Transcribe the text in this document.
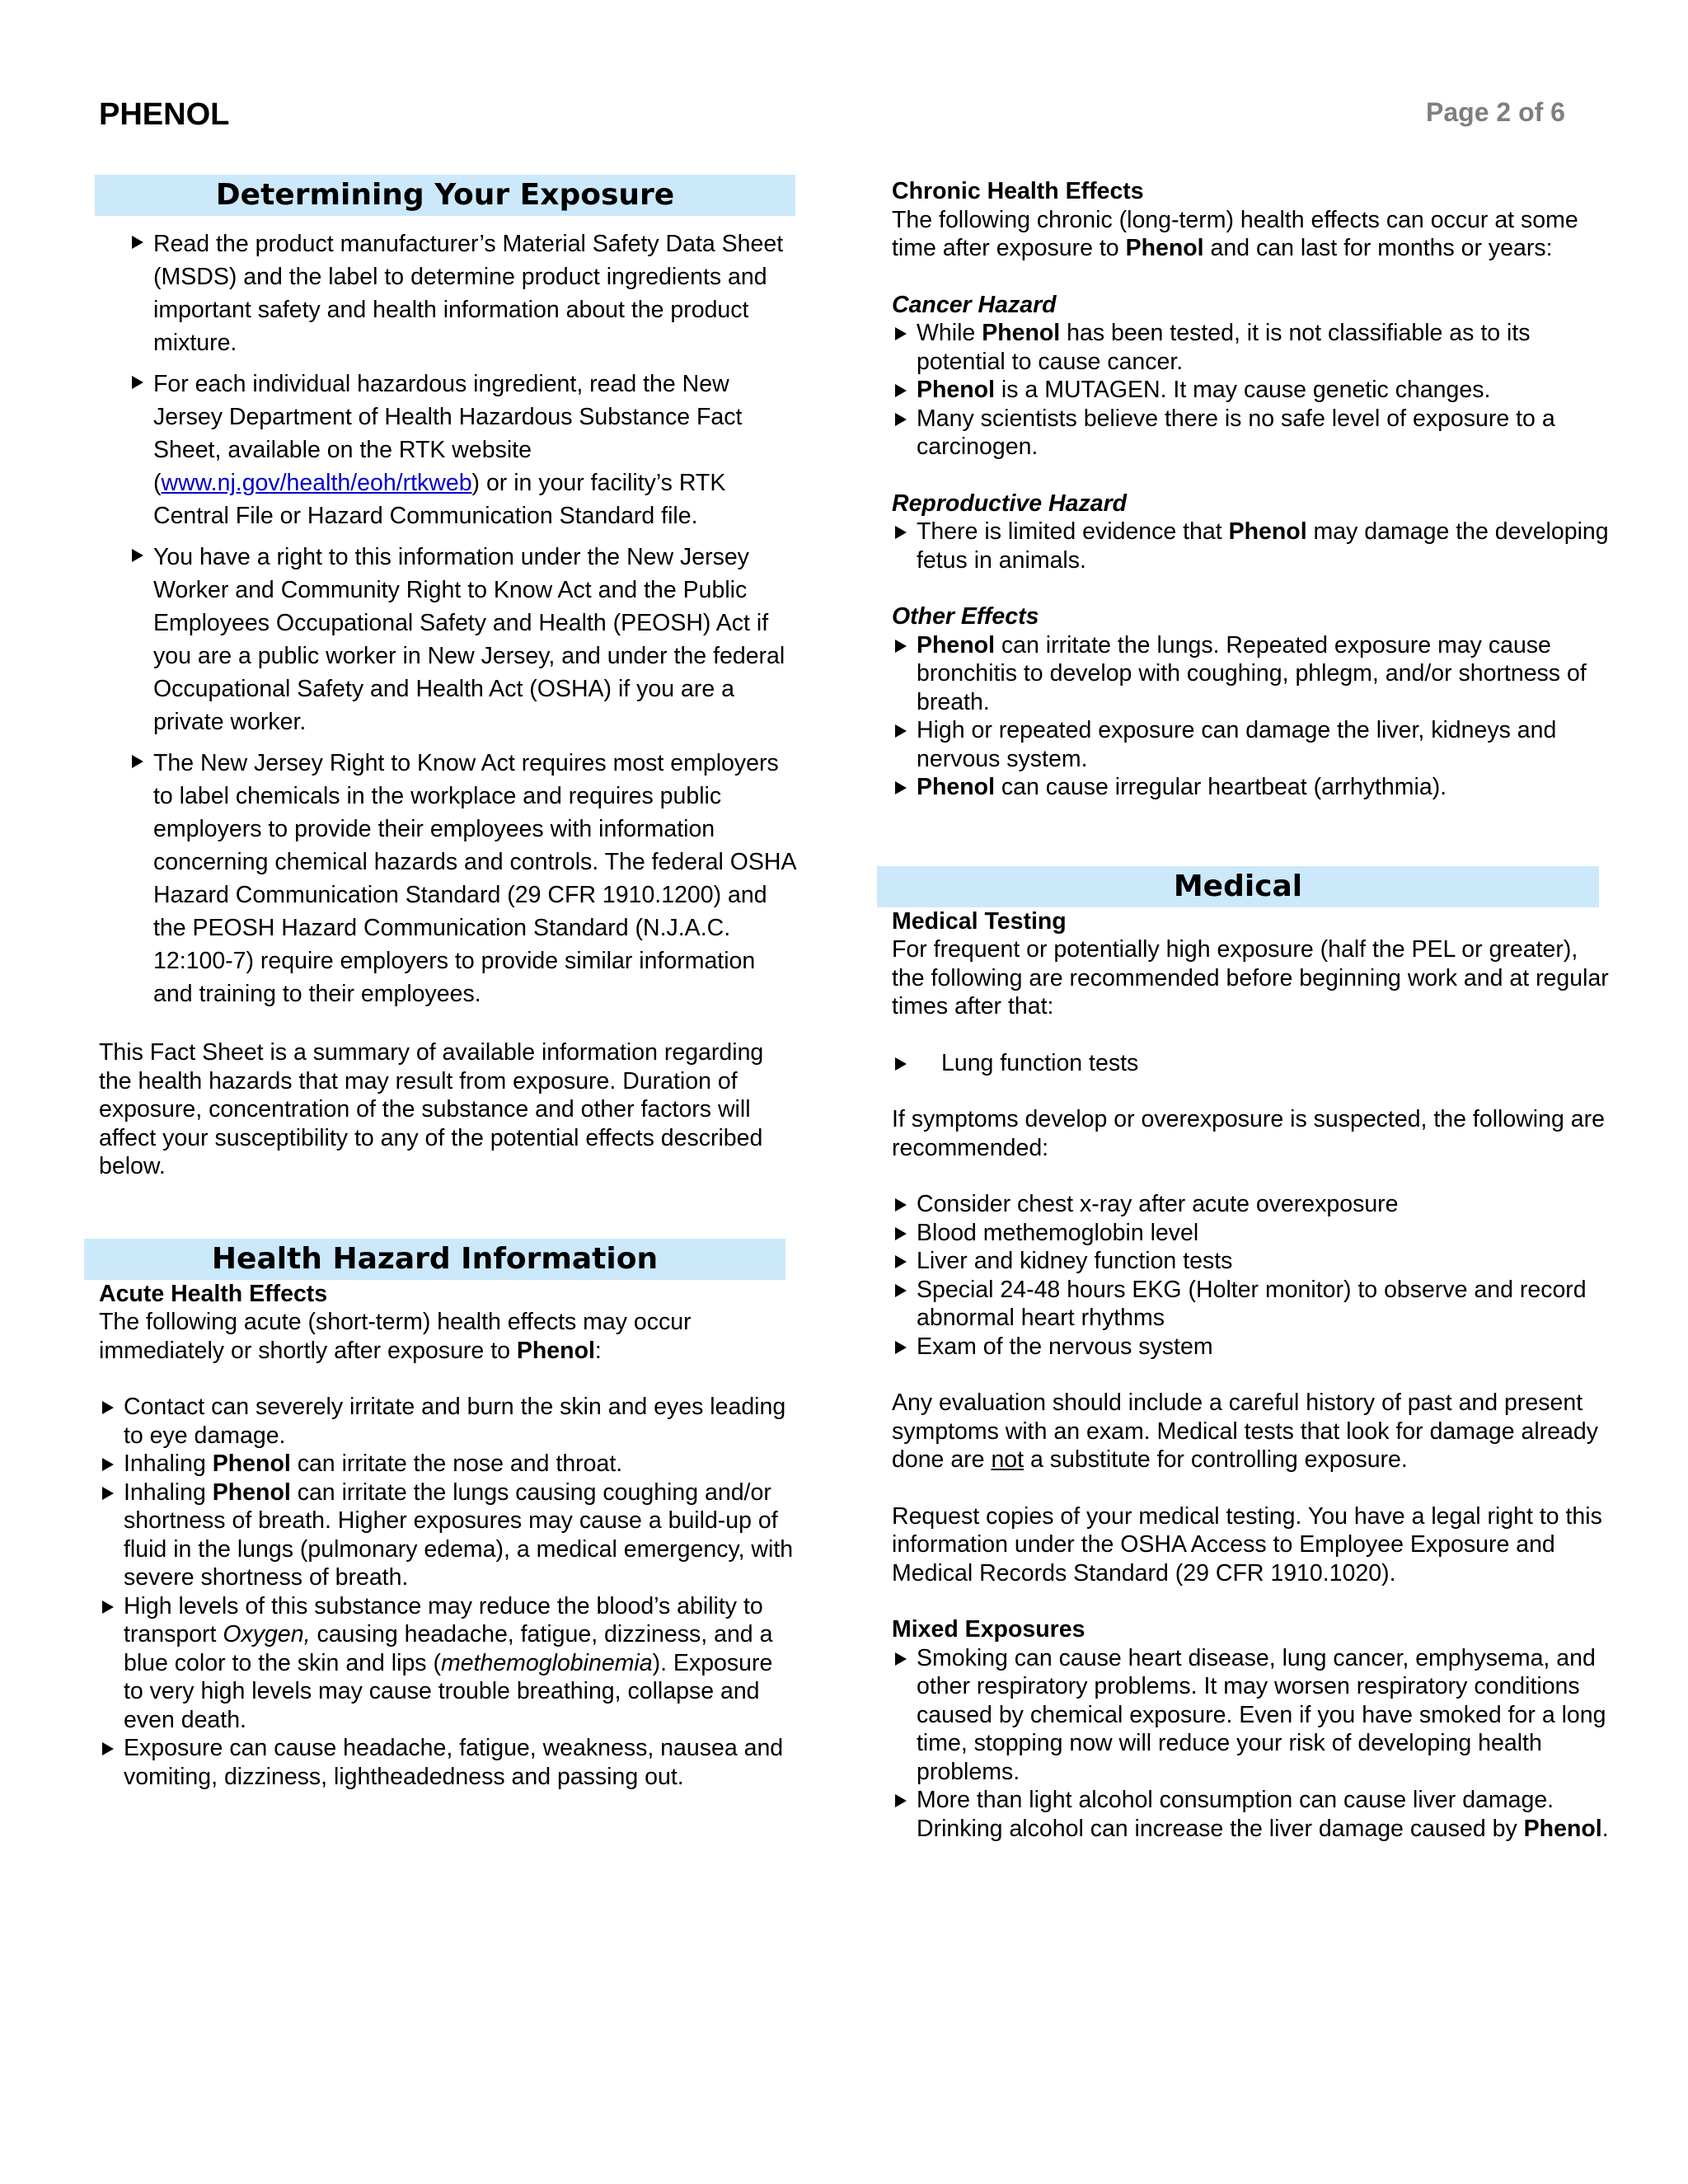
PHENOL	Page 2 of 6
Determining Your Exposure
Read the product manufacturer’s Material Safety Data Sheet (MSDS) and the label to determine product ingredients and important safety and health information about the product mixture.
For each individual hazardous ingredient, read the New Jersey Department of Health Hazardous Substance Fact Sheet, available on the RTK website (www.nj.gov/health/eoh/rtkweb) or in your facility’s RTK Central File or Hazard Communication Standard file.
You have a right to this information under the New Jersey Worker and Community Right to Know Act and the Public Employees Occupational Safety and Health (PEOSH) Act if you are a public worker in New Jersey, and under the federal Occupational Safety and Health Act (OSHA) if you are a private worker.
The New Jersey Right to Know Act requires most employers to label chemicals in the workplace and requires public employers to provide their employees with information concerning chemical hazards and controls. The federal OSHA Hazard Communication Standard (29 CFR 1910.1200) and the PEOSH Hazard Communication Standard (N.J.A.C. 12:100-7) require employers to provide similar information and training to their employees.

This Fact Sheet is a summary of available information regarding the health hazards that may result from exposure. Duration of exposure, concentration of the substance and other factors will affect your susceptibility to any of the potential effects described below.

Health Hazard Information

Acute Health Effects

The following acute (short-term) health effects may occur immediately or shortly after exposure to Phenol:

Contact can severely irritate and burn the skin and eyes leading to eye damage.
Inhaling Phenol can irritate the nose and throat.
Inhaling Phenol can irritate the lungs causing coughing and/or shortness of breath. Higher exposures may cause a build-up of fluid in the lungs (pulmonary edema), a medical emergency, with severe shortness of breath.
High levels of this substance may reduce the blood’s ability to transport Oxygen, causing headache, fatigue, dizziness, and a blue color to the skin and lips (methemoglobinemia). Exposure to very high levels may cause trouble breathing, collapse and even death.
Exposure can cause headache, fatigue, weakness, nausea and vomiting, dizziness, lightheadedness and passing out.

Chronic Health Effects

The following chronic (long-term) health effects can occur at some time after exposure to Phenol and can last for months or years:

Cancer Hazard

While Phenol has been tested, it is not classifiable as to its potential to cause cancer.
Phenol is a MUTAGEN. It may cause genetic changes.
Many scientists believe there is no safe level of exposure to a carcinogen.

Reproductive Hazard

There is limited evidence that Phenol may damage the developing fetus in animals.

Other Effects

Phenol can irritate the lungs. Repeated exposure may cause bronchitis to develop with coughing, phlegm, and/or shortness of breath.
High or repeated exposure can damage the liver, kidneys and nervous system.
Phenol can cause irregular heartbeat (arrhythmia).
Medical

Medical Testing

For frequent or potentially high exposure (half the PEL or greater), the following are recommended before beginning work and at regular times after that:

Lung function tests

If symptoms develop or overexposure is suspected, the following are recommended:

Consider chest x-ray after acute overexposure
Blood methemoglobin level
Liver and kidney function tests
Special 24-48 hours EKG (Holter monitor) to observe and record abnormal heart rhythms
Exam of the nervous system

Any evaluation should include a careful history of past and present symptoms with an exam. Medical tests that look for damage already done are not a substitute for controlling exposure.

Request copies of your medical testing. You have a legal right to this information under the OSHA Access to Employee Exposure and Medical Records Standard (29 CFR 1910.1020).

Mixed Exposures

Smoking can cause heart disease, lung cancer, emphysema, and other respiratory problems. It may worsen respiratory conditions caused by chemical exposure. Even if you have smoked for a long time, stopping now will reduce your risk of developing health problems.
More than light alcohol consumption can cause liver damage. Drinking alcohol can increase the liver damage caused by Phenol.
